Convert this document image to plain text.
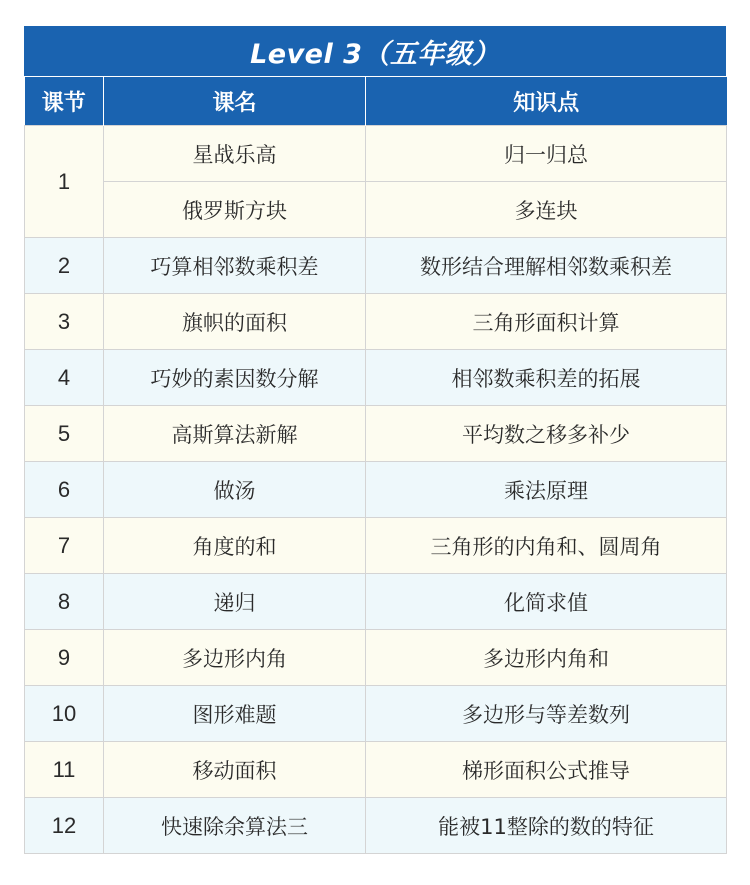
Level 3（五年级）
课节	课名	知识点
1	星战乐高	归一归总
	俄罗斯方块	多连块
2	巧算相邻数乘积差	数形结合理解相邻数乘积差
3	旗帜的面积	三角形面积计算
4	巧妙的素因数分解	相邻数乘积差的拓展
5	高斯算法新解	平均数之移多补少
6	做汤	乘法原理
7	角度的和	三角形的内角和、圆周角
8	递归	化简求值
9	多边形内角	多边形内角和
10	图形难题	多边形与等差数列
11	移动面积	梯形面积公式推导
12	快速除余算法三	能被11整除的数的特征
